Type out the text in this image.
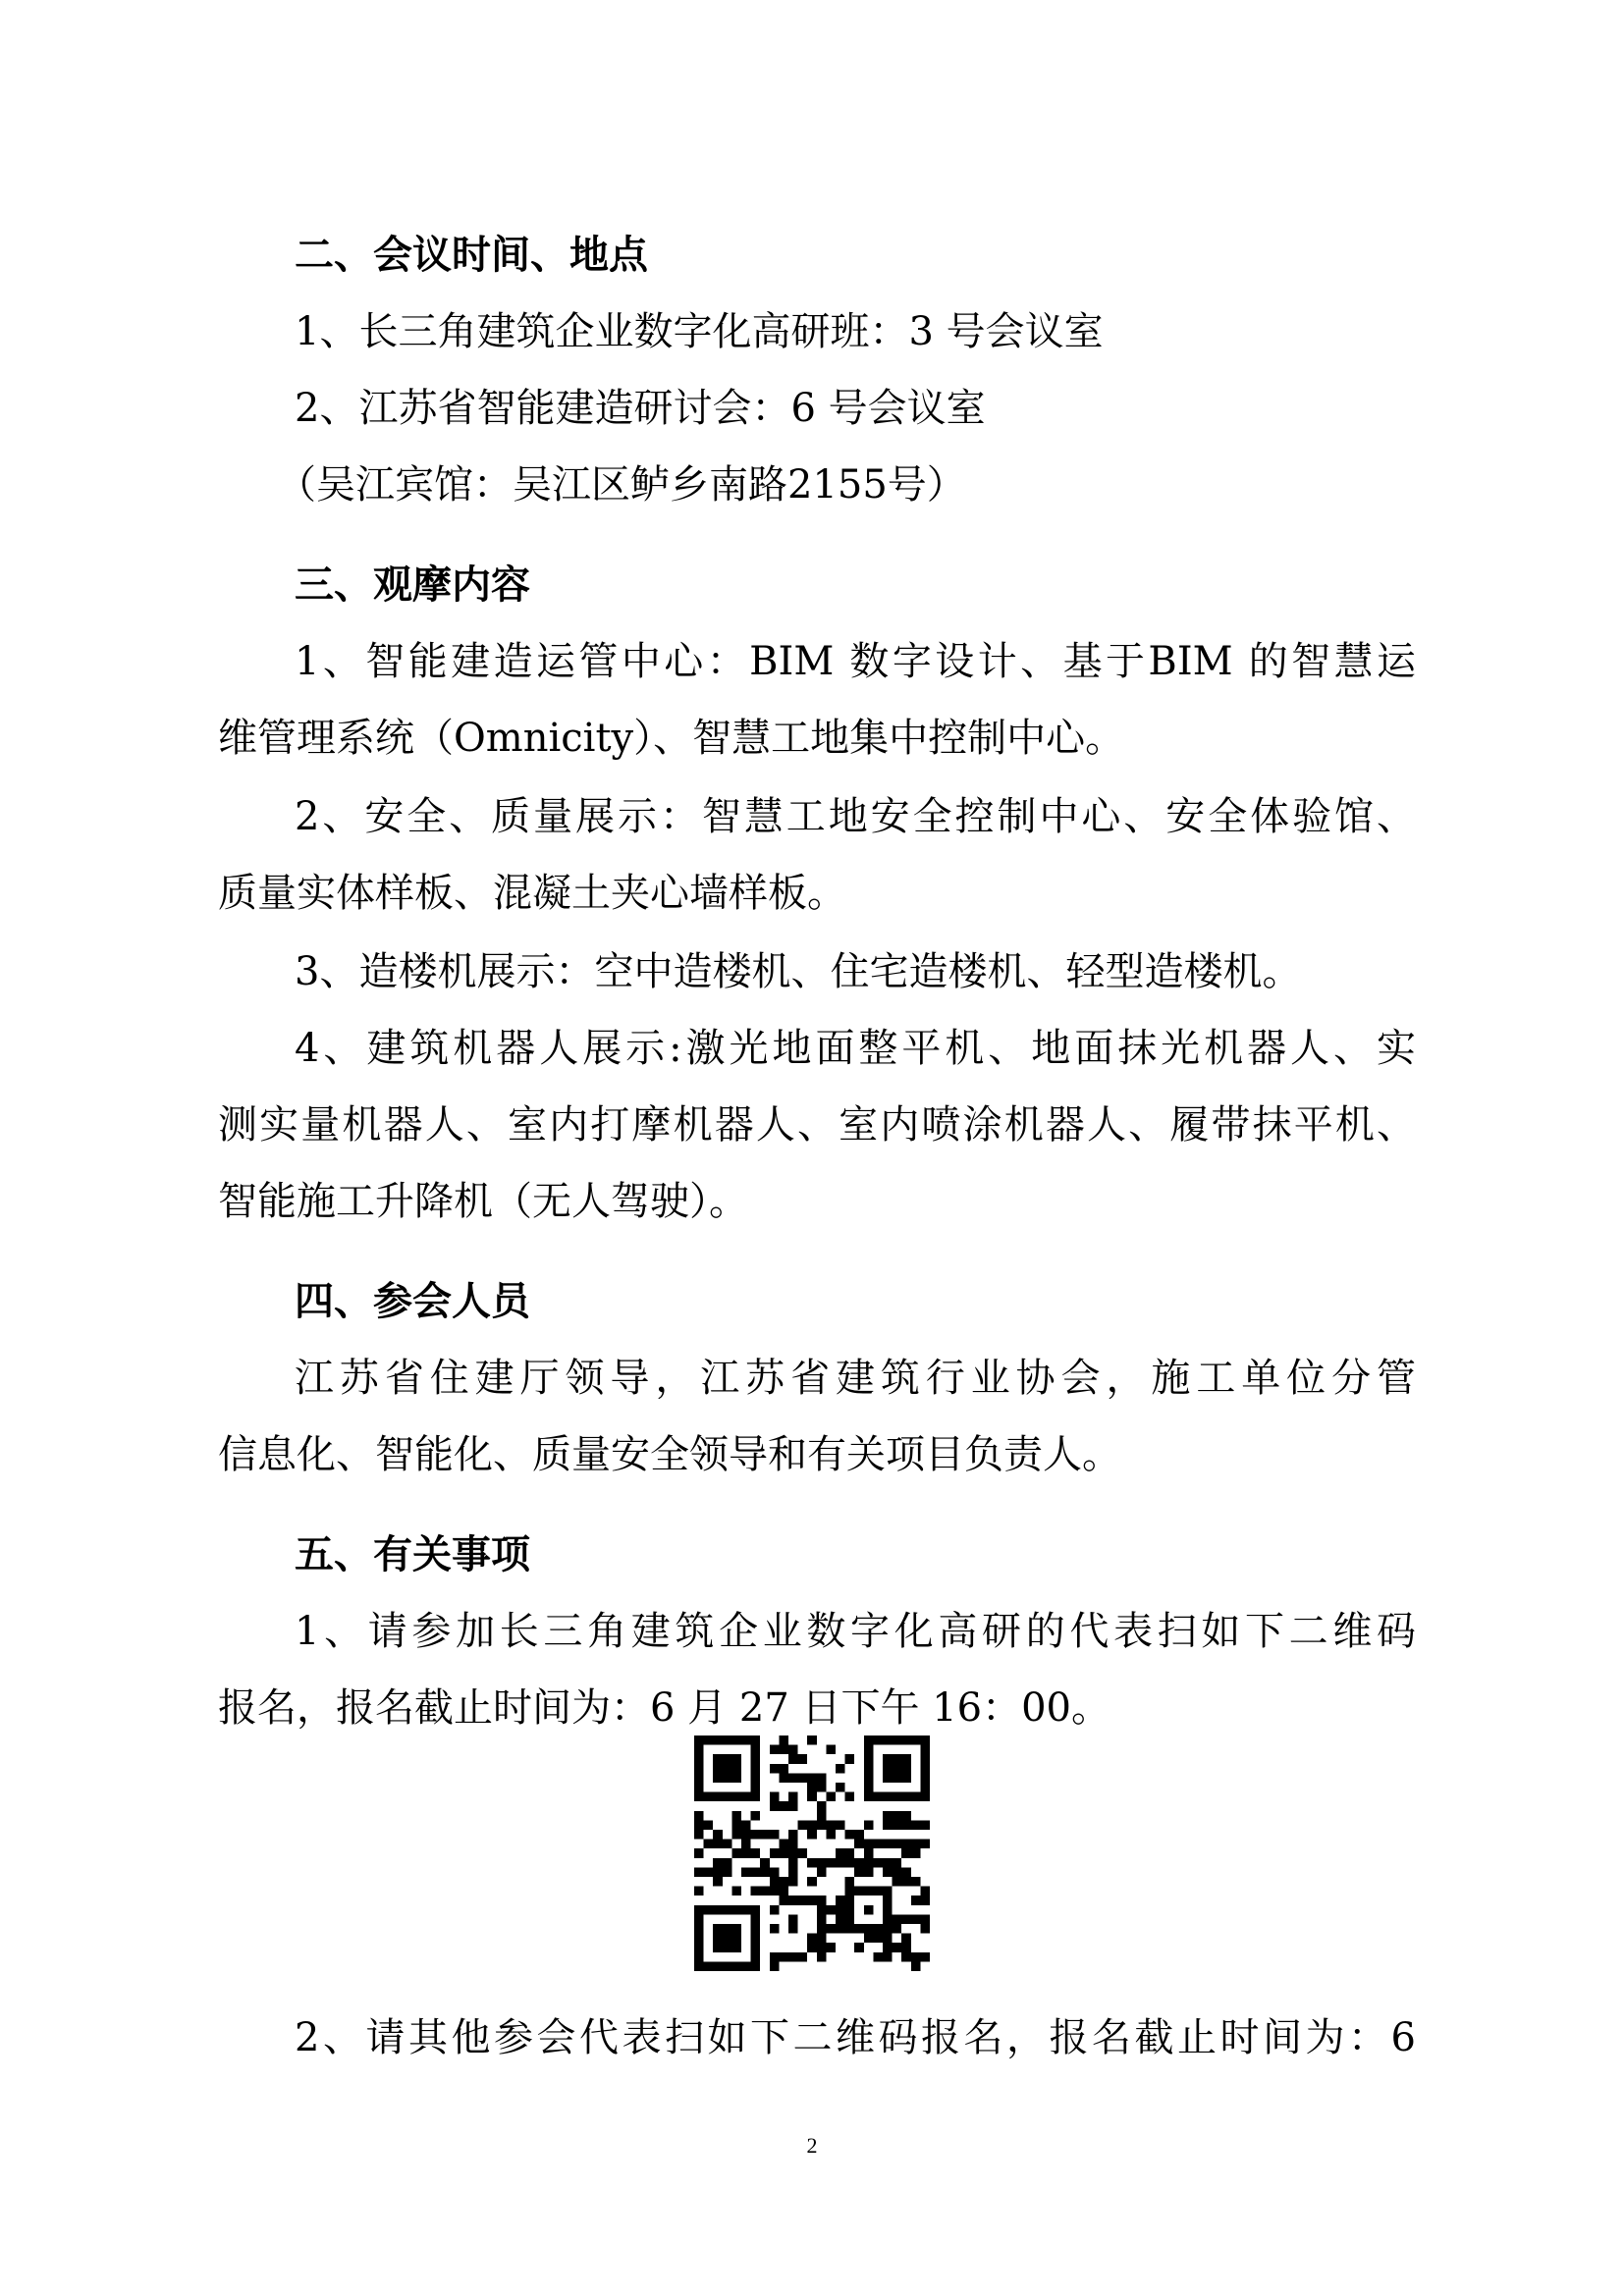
二、会议时间、地点
1、长三角建筑企业数字化高研班：3 号会议室
2、江苏省智能建造研讨会：6 号会议室
（吴江宾馆：吴江区鲈乡南路2155号）
三、观摩内容
1、智能建造运管中心：BIM 数字设计、基于BIM 的智慧运
维管理系统（Omnicity）、智慧工地集中控制中心。
2、安全、质量展示：智慧工地安全控制中心、安全体验馆、
质量实体样板、混凝土夹心墙样板。
3、造楼机展示：空中造楼机、住宅造楼机、轻型造楼机。
4、建筑机器人展示:激光地面整平机、地面抹光机器人、实
测实量机器人、室内打摩机器人、室内喷涂机器人、履带抹平机、
智能施工升降机（无人驾驶）。
四、参会人员
江苏省住建厅领导，江苏省建筑行业协会，施工单位分管
信息化、智能化、质量安全领导和有关项目负责人。
五、有关事项
1、请参加长三角建筑企业数字化高研的代表扫如下二维码
报名，报名截止时间为：6 月 27 日下午 16：00。
2、请其他参会代表扫如下二维码报名，报名截止时间为：6
2
